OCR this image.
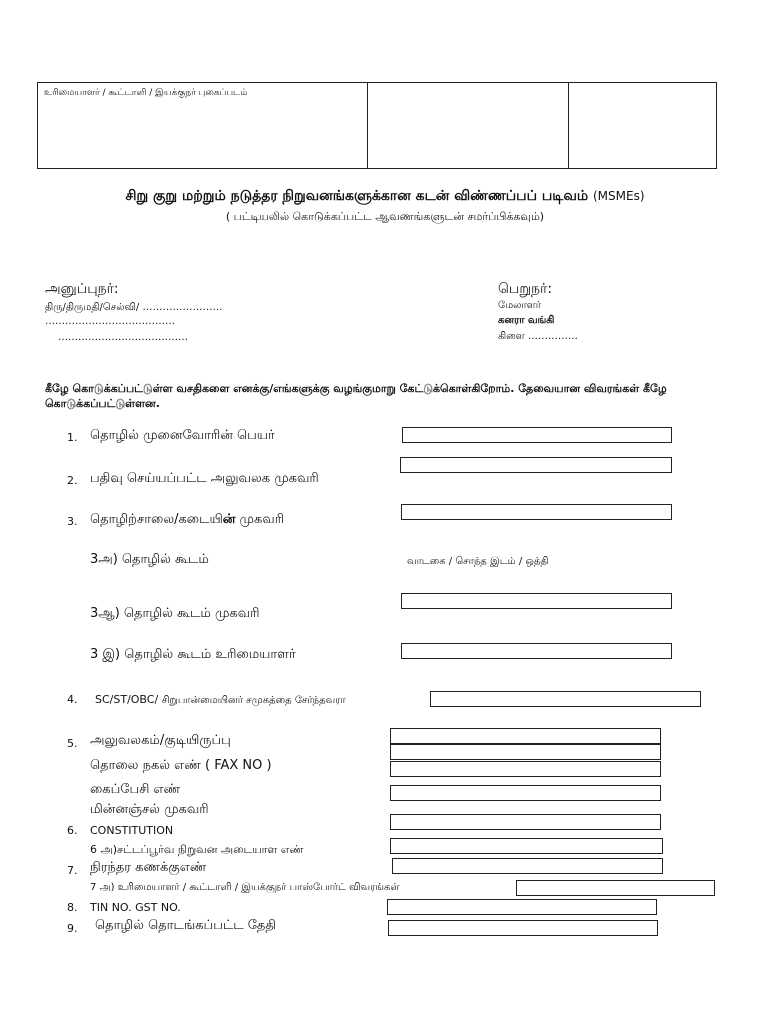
உரிமையாளர் / கூட்டாளி / இயக்குநர் புகைப்படம்
சிறு குறு மற்றும் நடுத்தர நிறுவனங்களுக்கான கடன் விண்ணப்பப் படிவம் (MSMEs)
( பட்டியலில் கொடுக்கப்பட்ட ஆவணங்களுடன் சமர்ப்பிக்கவும்)
அனுப்புநர்:
திரு/திருமதி/செல்வி/ ……………………
…………………………………
…………………………………
பெறுநர்:
மேலாளர்
கனரா வங்கி
கிளை ……………
கீழே கொடுக்கப்பட்டுள்ள வசதிகளை எனக்கு/எங்களுக்கு வழங்குமாறு கேட்டுக்கொள்கிறோம். தேவையான விவரங்கள் கீழே கொடுக்கப்பட்டுள்ளன.
1. தொழில் முனைவோரின் பெயர்
2. பதிவு செய்யப்பட்ட அலுவலக முகவரி
3. தொழிற்சாலை/கடையின் முகவரி
3அ) தொழில் கூடம்	வாடகை / சொந்த இடம் / ஒத்தி
3ஆ) தொழில் கூடம் முகவரி
3 இ) தொழில் கூடம் உரிமையாளர்
4. SC/ST/OBC/ சிறுபான்மையினர் சமுகத்தை சேர்ந்தவரா
5. அலுவலகம்/குடியிருப்பு
தொலை நகல் எண் ( FAX NO )
கைப்பேசி எண்
மின்னஞ்சல் முகவரி
6. CONSTITUTION
6 அ)சட்டப்பூர்வ நிறுவன அடையாள எண்
7. நிரந்தர கணக்குஎண்
7 அ) உரிமையாளர் / கூட்டாளி / இயக்குநர் பாஸ்போர்ட் விவரங்கள்
8. TIN NO. GST NO.
9. தொழில் தொடங்கப்பட்ட தேதி
